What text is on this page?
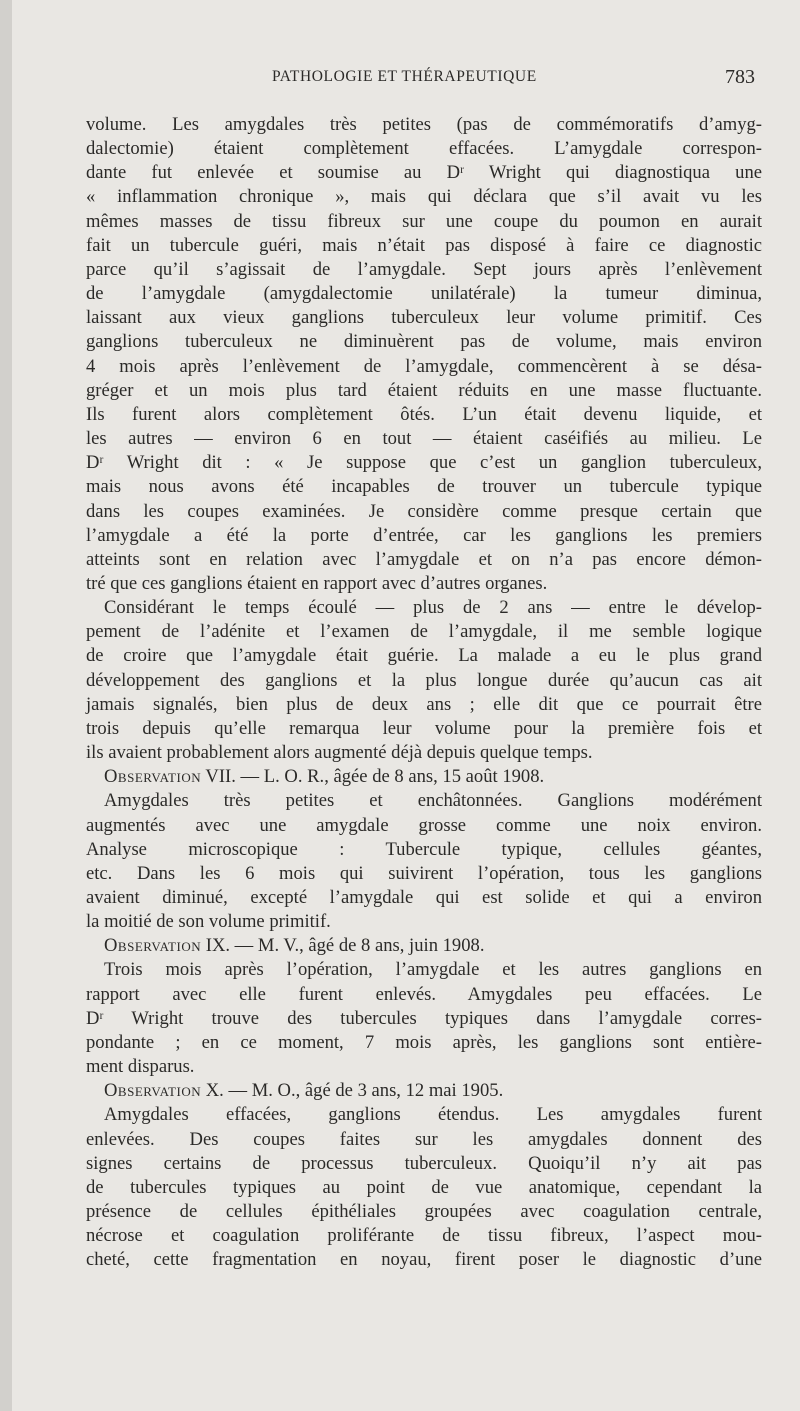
PATHOLOGIE ET THÉRAPEUTIQUE	783
volume. Les amygdales très petites (pas de commémoratifs d’amyg-
dalectomie) étaient complètement effacées. L’amygdale correspon-
dante fut enlevée et soumise au Dʳ Wright qui diagnostiqua une
« inflammation chronique », mais qui déclara que s’il avait vu les
mêmes masses de tissu fibreux sur une coupe du poumon en aurait
fait un tubercule guéri, mais n’était pas disposé à faire ce diagnostic
parce qu’il s’agissait de l’amygdale. Sept jours après l’enlèvement
de l’amygdale (amygdalectomie unilatérale) la tumeur diminua,
laissant aux vieux ganglions tuberculeux leur volume primitif. Ces
ganglions tuberculeux ne diminuèrent pas de volume, mais environ
4 mois après l’enlèvement de l’amygdale, commencèrent à se désa-
gréger et un mois plus tard étaient réduits en une masse fluctuante.
Ils furent alors complètement ôtés. L’un était devenu liquide, et
les autres — environ 6 en tout — étaient caséifiés au milieu. Le
Dʳ Wright dit : « Je suppose que c’est un ganglion tuberculeux,
mais nous avons été incapables de trouver un tubercule typique
dans les coupes examinées. Je considère comme presque certain que
l’amygdale a été la porte d’entrée, car les ganglions les premiers
atteints sont en relation avec l’amygdale et on n’a pas encore démon-
tré que ces ganglions étaient en rapport avec d’autres organes.
Considérant le temps écoulé — plus de 2 ans — entre le dévelop-
pement de l’adénite et l’examen de l’amygdale, il me semble logique
de croire que l’amygdale était guérie. La malade a eu le plus grand
développement des ganglions et la plus longue durée qu’aucun cas ait
jamais signalés, bien plus de deux ans ; elle dit que ce pourrait être
trois depuis qu’elle remarqua leur volume pour la première fois et
ils avaient probablement alors augmenté déjà depuis quelque temps.
Observation VII. — L. O. R., âgée de 8 ans, 15 août 1908.
Amygdales très petites et enchâtonnées. Ganglions modérément
augmentés avec une amygdale grosse comme une noix environ.
Analyse microscopique : Tubercule typique, cellules géantes,
etc. Dans les 6 mois qui suivirent l’opération, tous les ganglions
avaient diminué, excepté l’amygdale qui est solide et qui a environ
la moitié de son volume primitif.
Observation IX. — M. V., âgé de 8 ans, juin 1908.
Trois mois après l’opération, l’amygdale et les autres ganglions en
rapport avec elle furent enlevés. Amygdales peu effacées. Le
Dʳ Wright trouve des tubercules typiques dans l’amygdale corres-
pondante ; en ce moment, 7 mois après, les ganglions sont entière-
ment disparus.
Observation X. — M. O., âgé de 3 ans, 12 mai 1905.
Amygdales effacées, ganglions étendus. Les amygdales furent
enlevées. Des coupes faites sur les amygdales donnent des
signes certains de processus tuberculeux. Quoiqu’il n’y ait pas
de tubercules typiques au point de vue anatomique, cependant la
présence de cellules épithéliales groupées avec coagulation centrale,
nécrose et coagulation proliférante de tissu fibreux, l’aspect mou-
cheté, cette fragmentation en noyau, firent poser le diagnostic d’une
